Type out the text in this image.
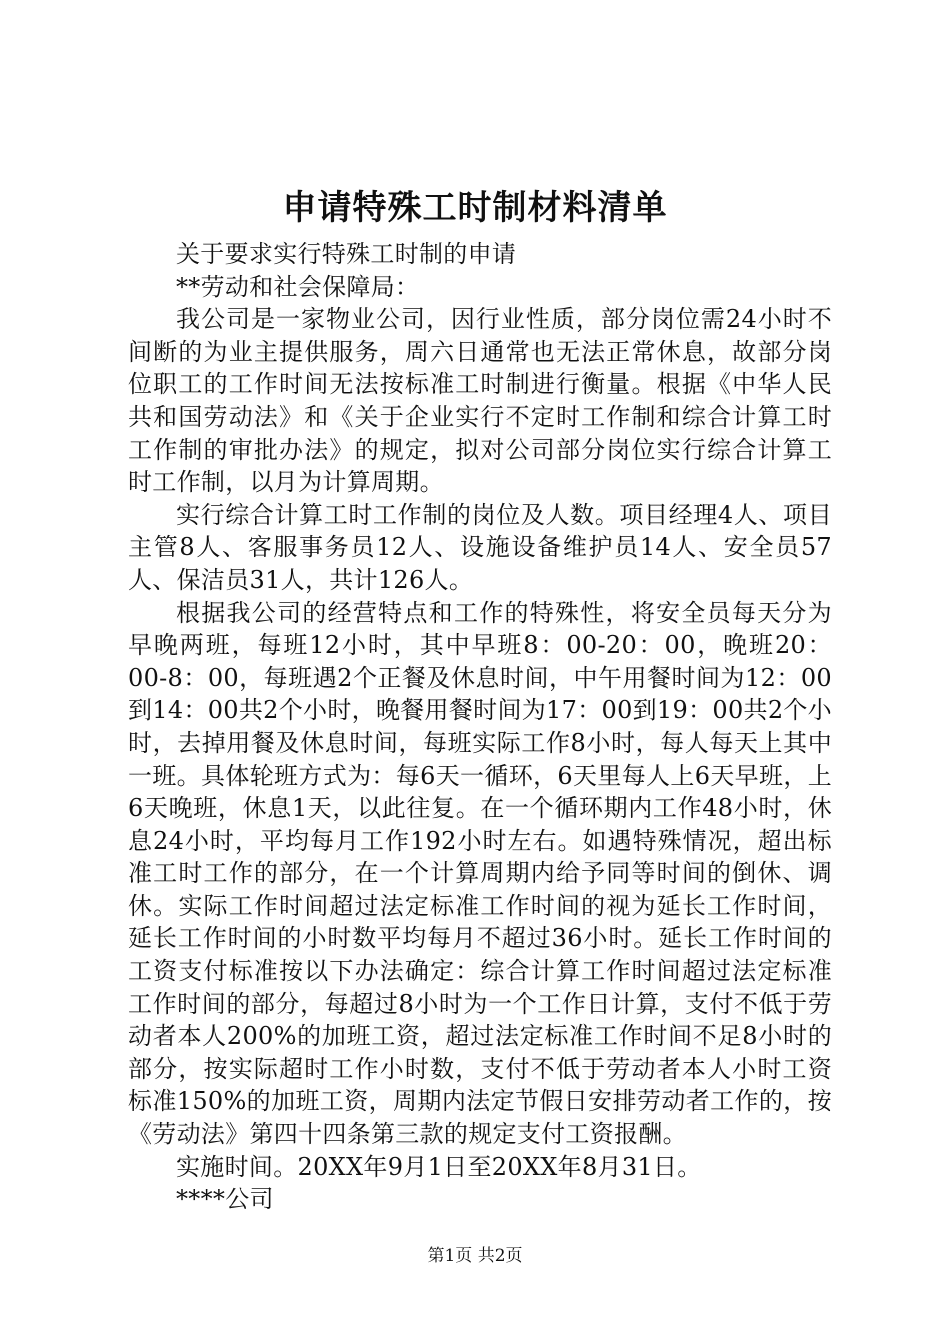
申请特殊工时制材料清单

关于要求实行特殊工时制的申请

**劳动和社会保障局：

我公司是一家物业公司，因行业性质，部分岗位需24小时不间断的为业主提供服务，周六日通常也无法正常休息，故部分岗位职工的工作时间无法按标准工时制进行衡量。根据《中华人民共和国劳动法》和《关于企业实行不定时工作制和综合计算工时工作制的审批办法》的规定，拟对公司部分岗位实行综合计算工时工作制，以月为计算周期。

实行综合计算工时工作制的岗位及人数。项目经理4人、项目主管8人、客服事务员12人、设施设备维护员14人、安全员57人、保洁员31人，共计126人。

根据我公司的经营特点和工作的特殊性，将安全员每天分为早晚两班，每班12小时，其中早班8：00-20：00，晚班20：00-8：00，每班遇2个正餐及休息时间，中午用餐时间为12：00到14：00共2个小时，晚餐用餐时间为17：00到19：00共2个小时，去掉用餐及休息时间，每班实际工作8小时，每人每天上其中一班。具体轮班方式为：每6天一循环，6天里每人上6天早班，上6天晚班，休息1天，以此往复。在一个循环期内工作48小时，休息24小时，平均每月工作192小时左右。如遇特殊情况，超出标准工时工作的部分，在一个计算周期内给予同等时间的倒休、调休。实际工作时间超过法定标准工作时间的视为延长工作时间，延长工作时间的小时数平均每月不超过36小时。延长工作时间的工资支付标准按以下办法确定：综合计算工作时间超过法定标准工作时间的部分，每超过8小时为一个工作日计算，支付不低于劳动者本人200%的加班工资，超过法定标准工作时间不足8小时的部分，按实际超时工作小时数，支付不低于劳动者本人小时工资标准150%的加班工资，周期内法定节假日安排劳动者工作的，按《劳动法》第四十四条第三款的规定支付工资报酬。

实施时间。20XX年9月1日至20XX年8月31日。

****公司

第1页 共2页
